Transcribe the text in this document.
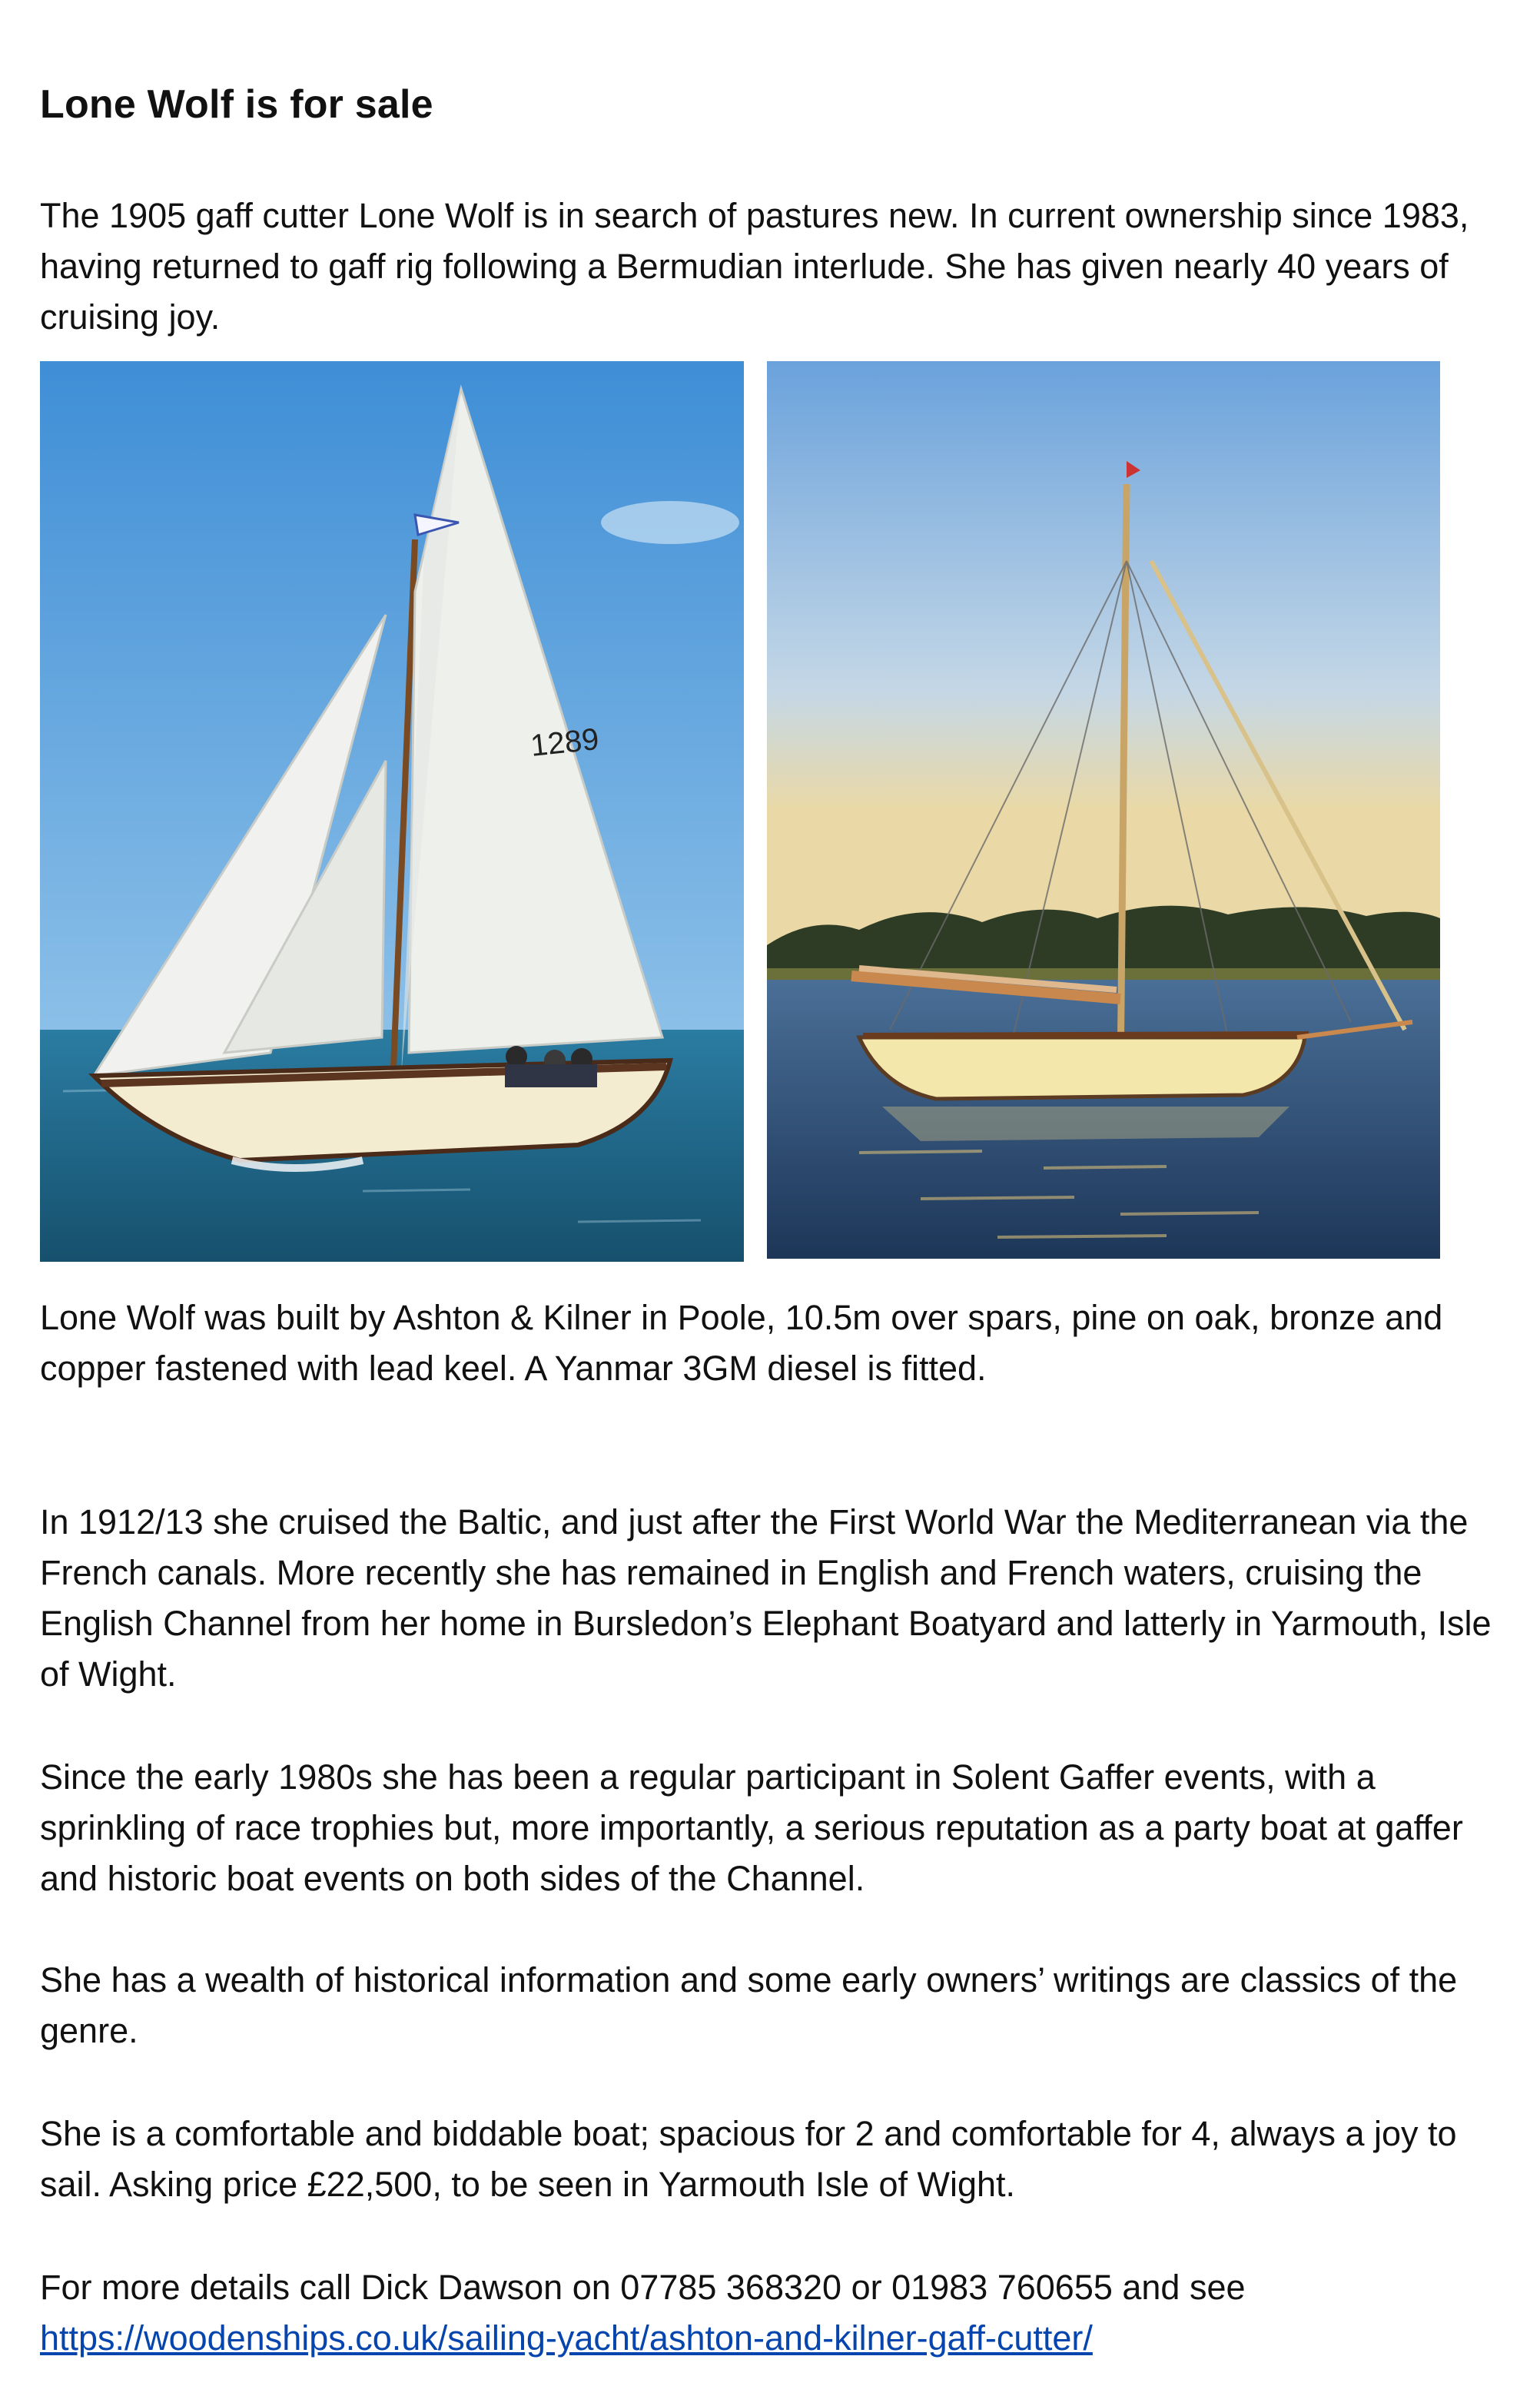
Lone Wolf is for sale

The 1905 gaff cutter Lone Wolf is in search of pastures new. In current ownership since 1983, having returned to gaff rig following a Bermudian interlude. She has given nearly 40 years of cruising joy.

1289

Lone Wolf was built by Ashton & Kilner in Poole, 10.5m over spars, pine on oak, bronze and copper fastened with lead keel. A Yanmar 3GM diesel is fitted.

In 1912/13 she cruised the Baltic, and just after the First World War the Mediterranean via the French canals. More recently she has remained in English and French waters, cruising the English Channel from her home in Bursledon’s Elephant Boatyard and latterly in Yarmouth, Isle of Wight.

Since the early 1980s she has been a regular participant in Solent Gaffer events, with a sprinkling of race trophies but, more importantly, a serious reputation as a party boat at gaffer and historic boat events on both sides of the Channel.

She has a wealth of historical information and some early owners’ writings are classics of the genre.

She is a comfortable and biddable boat; spacious for 2 and comfortable for 4, always a joy to sail. Asking price £22,500, to be seen in Yarmouth Isle of Wight.

For more details call Dick Dawson on 07785 368320 or 01983 760655 and see
https://woodenships.co.uk/sailing-yacht/ashton-and-kilner-gaff-cutter/
